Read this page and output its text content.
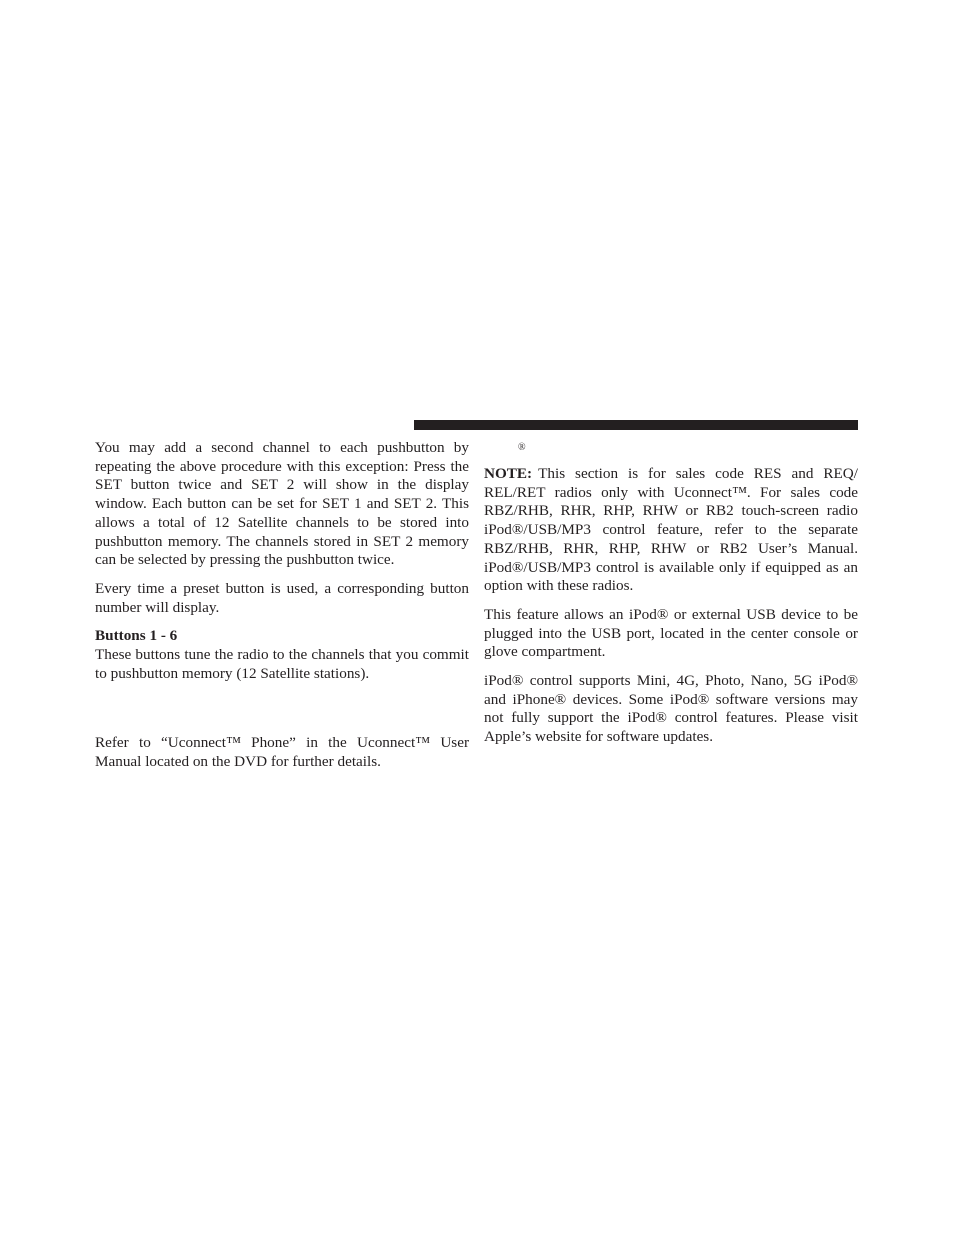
You may add a second channel to each pushbutton by repeating the above procedure with this exception: Press the SET button twice and SET 2 will show in the display window. Each button can be set for SET 1 and SET 2. This allows a total of 12 Satellite channels to be stored into pushbutton memory. The channels stored in SET 2 memory can be selected by pressing the pushbutton twice.

Every time a preset button is used, a corresponding button number will display.

Buttons 1 - 6

These buttons tune the radio to the channels that you commit to pushbutton memory (12 Satellite stations).

Refer to “Uconnect™ Phone” in the Uconnect™ User Manual located on the DVD for further details.

®

NOTE: This section is for sales code RES and REQ/ REL/RET radios only with Uconnect™. For sales code RBZ/RHB, RHR, RHP, RHW or RB2 touch-screen radio iPod®/USB/MP3 control feature, refer to the separate RBZ/RHB, RHR, RHP, RHW or RB2 User’s Manual. iPod®/USB/MP3 control is available only if equipped as an option with these radios.

This feature allows an iPod® or external USB device to be plugged into the USB port, located in the center console or glove compartment.

iPod® control supports Mini, 4G, Photo, Nano, 5G iPod® and iPhone® devices. Some iPod® software versions may not fully support the iPod® control features. Please visit Apple’s website for software updates.
